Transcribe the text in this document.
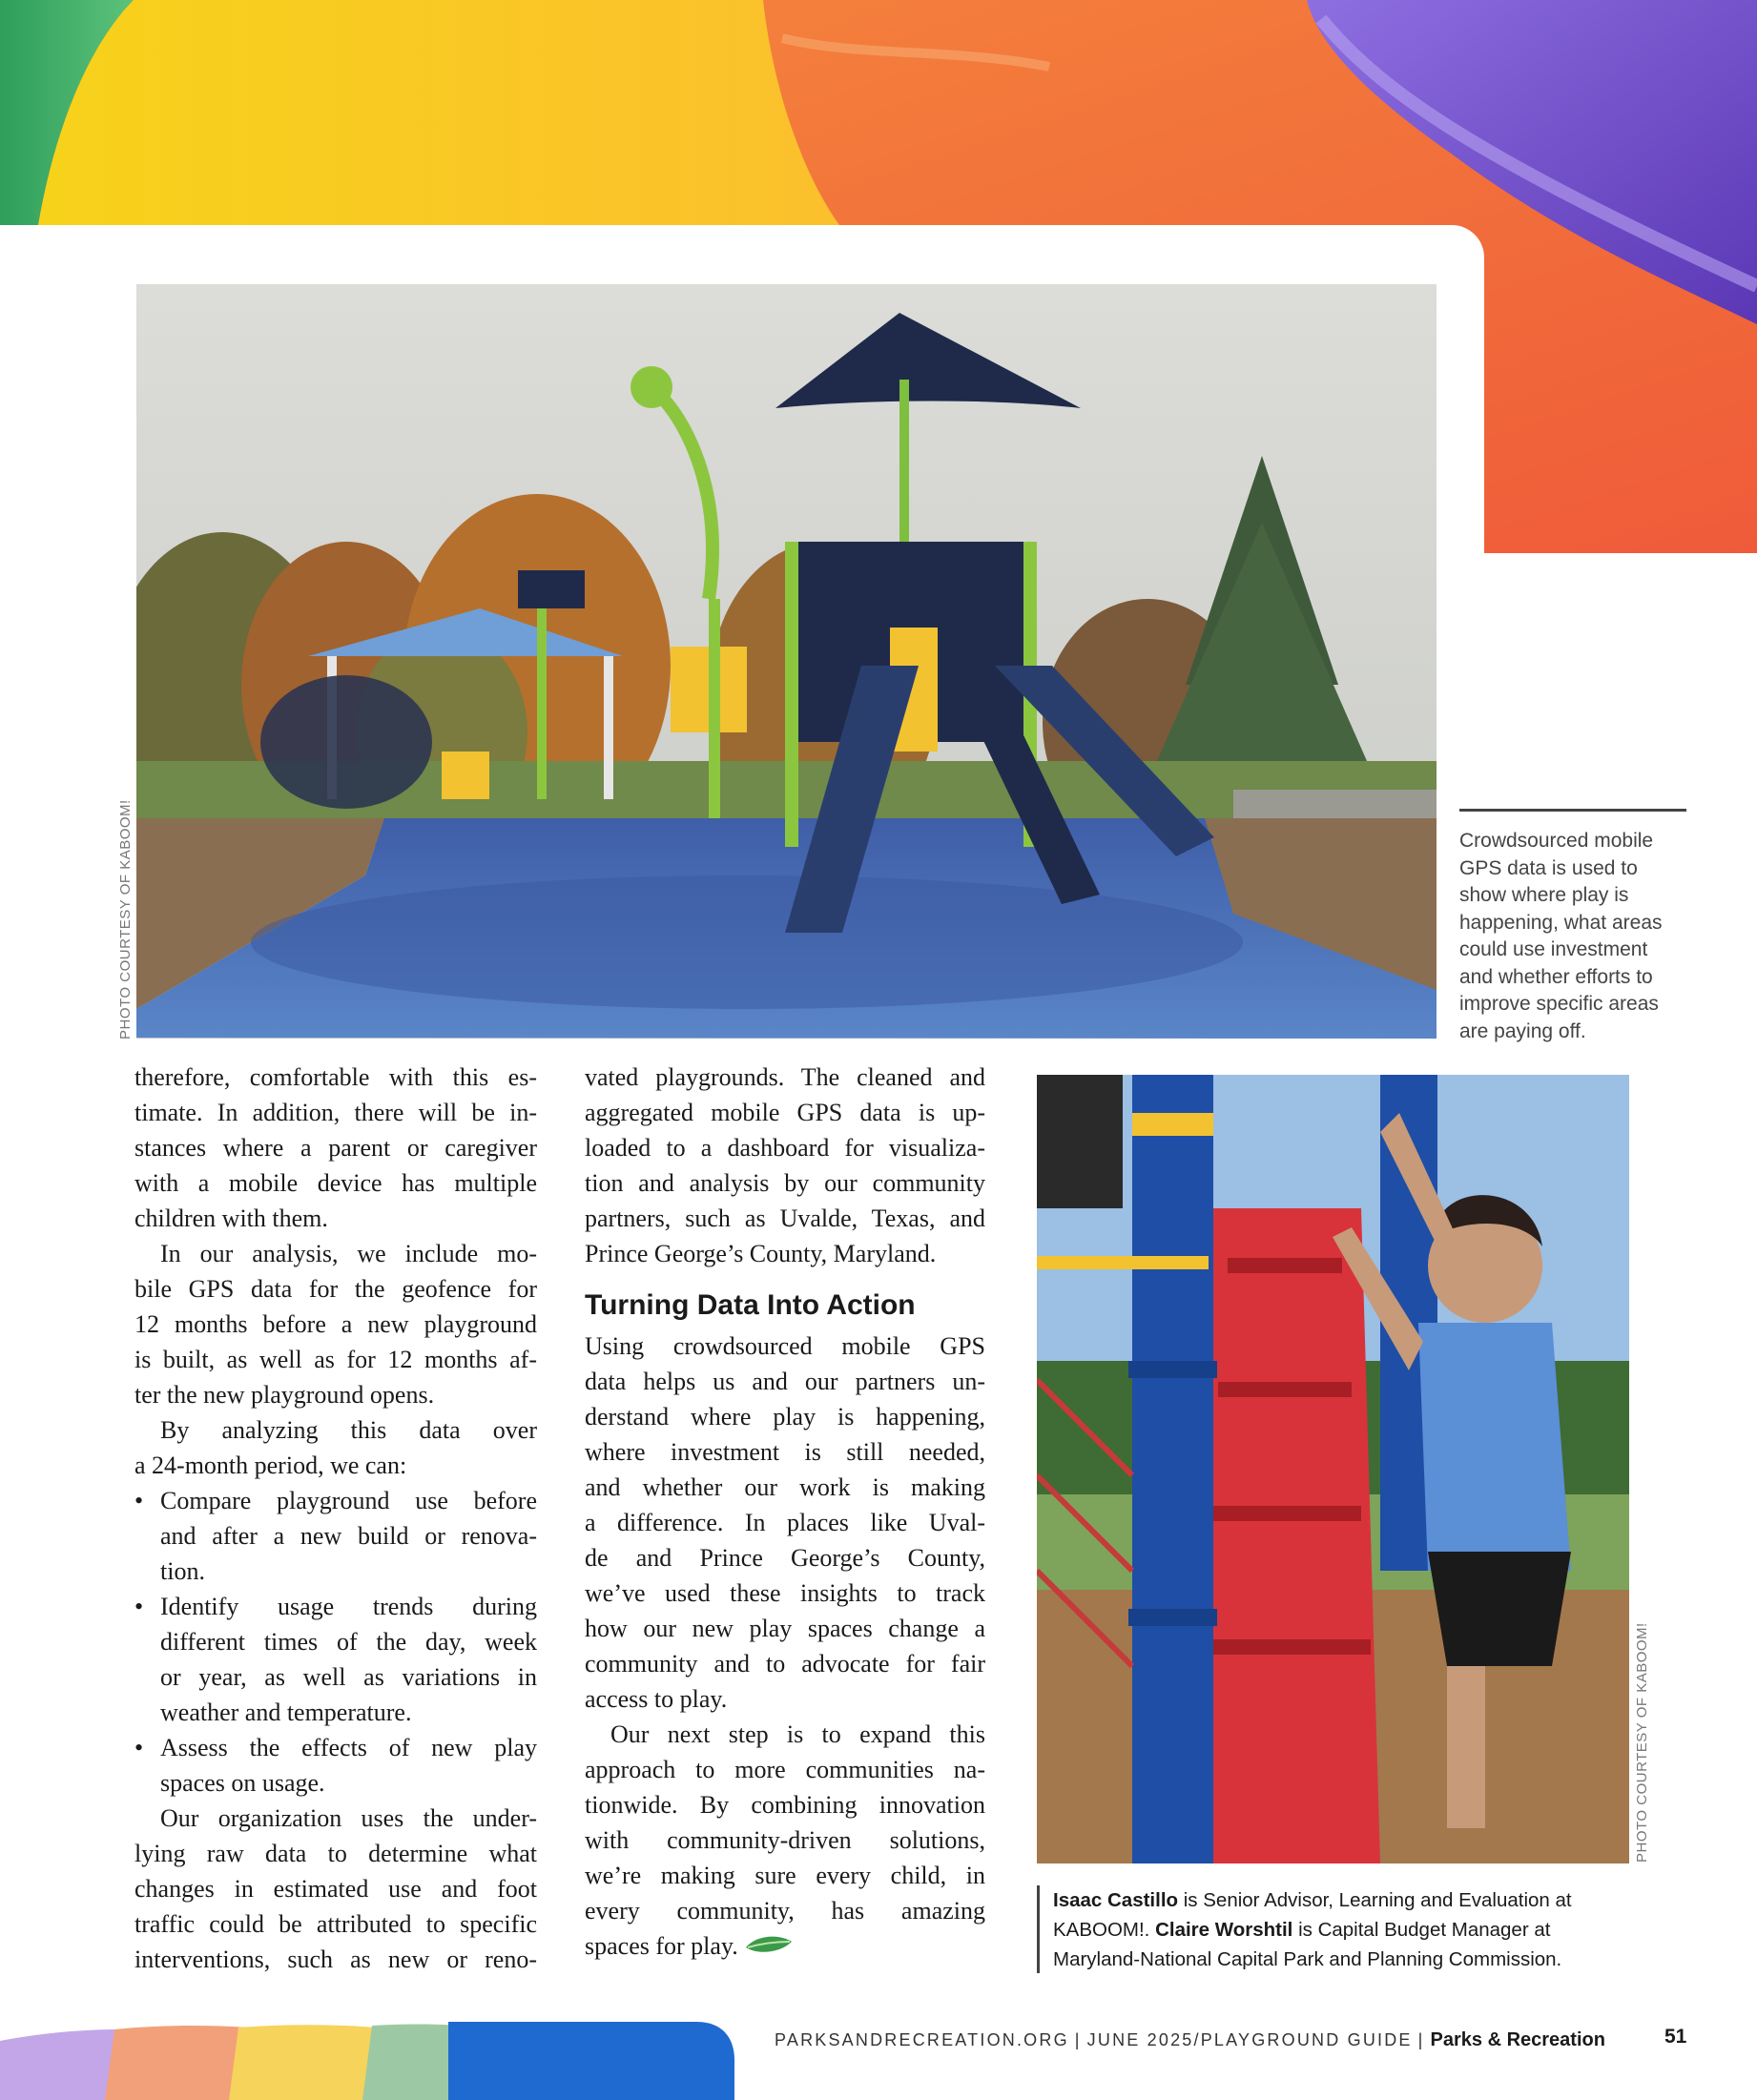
PHOTO COURTESY OF KABOOM!	Crowdsourced mobile
GPS data is used to
show where play is
happening, what areas
could use investment
and whether efforts to
improve specific areas
are paying off.
therefore, comfortable with this es-
timate. In addition, there will be in-
stances where a parent or caregiver
with a mobile device has multiple
children with them.
In our analysis, we include mo-
bile GPS data for the geofence for
12 months before a new playground
is built, as well as for 12 months af-
ter the new playground opens.
By analyzing this data over
a 24-month period, we can:
• Compare playground use before
and after a new build or renova-
tion.
• Identify usage trends during
different times of the day, week
or year, as well as variations in
weather and temperature.
• Assess the effects of new play
spaces on usage.
Our organization uses the under-
lying raw data to determine what
changes in estimated use and foot
traffic could be attributed to specific
interventions, such as new or reno-
vated playgrounds. The cleaned and
aggregated mobile GPS data is up-
loaded to a dashboard for visualiza-
tion and analysis by our community
partners, such as Uvalde, Texas, and
Prince George’s County, Maryland.
Turning Data Into Action
Using crowdsourced mobile GPS
data helps us and our partners un-
derstand where play is happening,
where investment is still needed,
and whether our work is making
a difference. In places like Uval-
de and Prince George’s County,
we’ve used these insights to track
how our new play spaces change a
community and to advocate for fair
access to play.
Our next step is to expand this
approach to more communities na-
tionwide. By combining innovation
with community-driven solutions,
we’re making sure every child, in
every community, has amazing
spaces for play.
PHOTO COURTESY OF KABOOM!
Isaac Castillo is Senior Advisor, Learning and Evaluation at
KABOOM!. Claire Worshtil is Capital Budget Manager at
Maryland-National Capital Park and Planning Commission.
PARKSANDRECREATION.ORG | JUNE 2025/PLAYGROUND GUIDE | Parks & Recreation	51
